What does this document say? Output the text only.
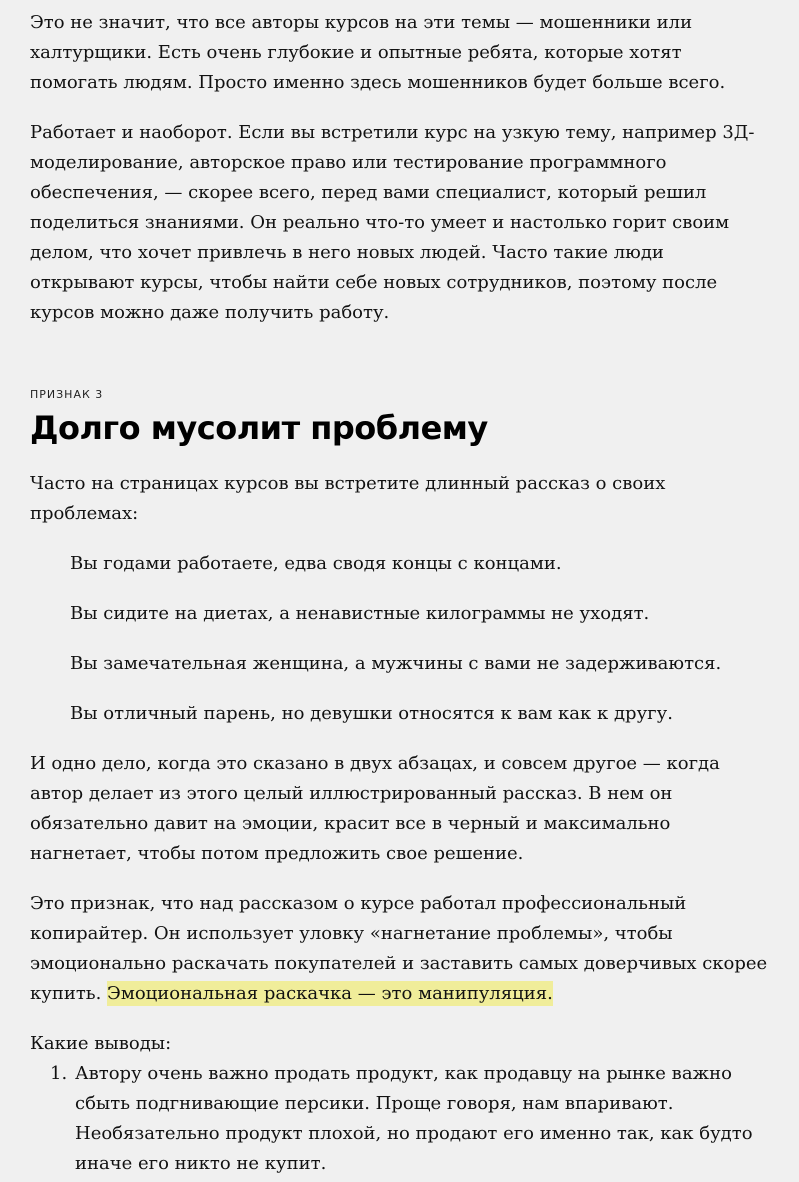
Это не значит, что все авторы курсов на эти темы — мошенники или халтурщики. Есть очень глубокие и опытные ребята, которые хотят помогать людям. Просто именно здесь мошенников будет больше всего.

Работает и наоборот. Если вы встретили курс на узкую тему, например 3Д-моделирование, авторское право или тестирование программного обеспечения, — скорее всего, перед вами специалист, который решил поделиться знаниями. Он реально что-то умеет и настолько горит своим делом, что хочет привлечь в него новых людей. Часто такие люди открывают курсы, чтобы найти себе новых сотрудников, поэтому после курсов можно даже получить работу.

ПРИЗНАК 3
Долго мусолит проблему

Часто на страницах курсов вы встретите длинный рассказ о своих проблемах:

Вы годами работаете, едва сводя концы с концами.

Вы сидите на диетах, а ненавистные килограммы не уходят.

Вы замечательная женщина, а мужчины с вами не задерживаются.

Вы отличный парень, но девушки относятся к вам как к другу.

И одно дело, когда это сказано в двух абзацах, и совсем другое — когда автор делает из этого целый иллюстрированный рассказ. В нем он обязательно давит на эмоции, красит все в черный и максимально нагнетает, чтобы потом предложить свое решение.

Это признак, что над рассказом о курсе работал профессиональный копирайтер. Он использует уловку «нагнетание проблемы», чтобы эмоционально раскачать покупателей и заставить самых доверчивых скорее купить. Эмоциональная раскачка — это манипуляция.

Какие выводы:

1. Автору очень важно продать продукт, как продавцу на рынке важно сбыть подгнивающие персики. Проще говоря, нам впаривают. Необязательно продукт плохой, но продают его именно так, как будто иначе его никто не купит.
